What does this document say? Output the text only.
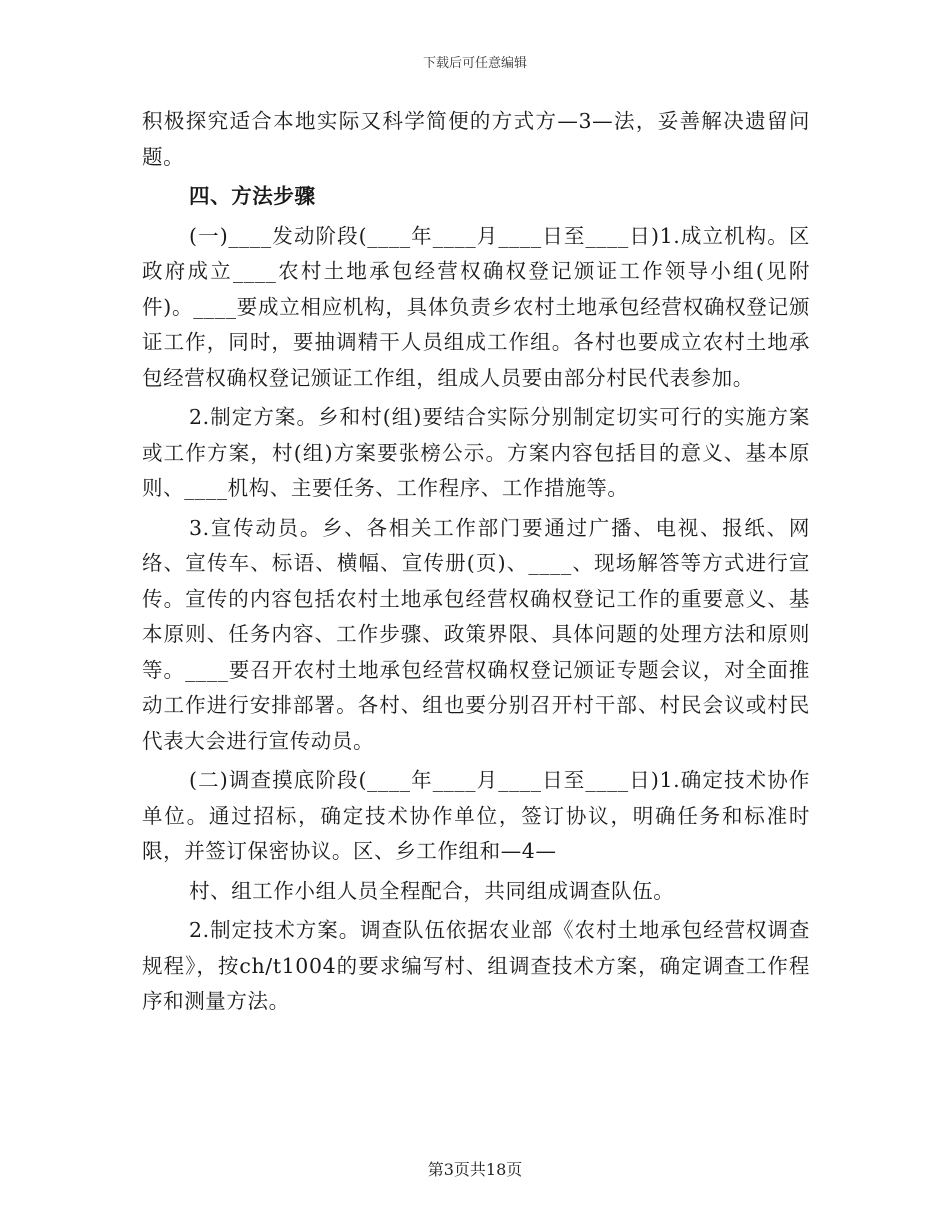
下载后可任意编辑

积极探究适合本地实际又科学简便的方式方—3—法，妥善解决遗留问题。

四、方法步骤

(一)____发动阶段(____年____月____日至____日)1.成立机构。区政府成立____农村土地承包经营权确权登记颁证工作领导小组(见附件)。____要成立相应机构，具体负责乡农村土地承包经营权确权登记颁证工作，同时，要抽调精干人员组成工作组。各村也要成立农村土地承包经营权确权登记颁证工作组，组成人员要由部分村民代表参加。

2.制定方案。乡和村(组)要结合实际分别制定切实可行的实施方案或工作方案，村(组)方案要张榜公示。方案内容包括目的意义、基本原则、____机构、主要任务、工作程序、工作措施等。

3.宣传动员。乡、各相关工作部门要通过广播、电视、报纸、网络、宣传车、标语、横幅、宣传册(页)、____、现场解答等方式进行宣传。宣传的内容包括农村土地承包经营权确权登记工作的重要意义、基本原则、任务内容、工作步骤、政策界限、具体问题的处理方法和原则等。____要召开农村土地承包经营权确权登记颁证专题会议，对全面推动工作进行安排部署。各村、组也要分别召开村干部、村民会议或村民代表大会进行宣传动员。

(二)调查摸底阶段(____年____月____日至____日)1.确定技术协作单位。通过招标，确定技术协作单位，签订协议，明确任务和标准时限，并签订保密协议。区、乡工作组和—4—

村、组工作小组人员全程配合，共同组成调查队伍。

2.制定技术方案。调查队伍依据农业部《农村土地承包经营权调查规程》，按ch/t1004的要求编写村、组调查技术方案，确定调查工作程序和测量方法。

第3页共18页
